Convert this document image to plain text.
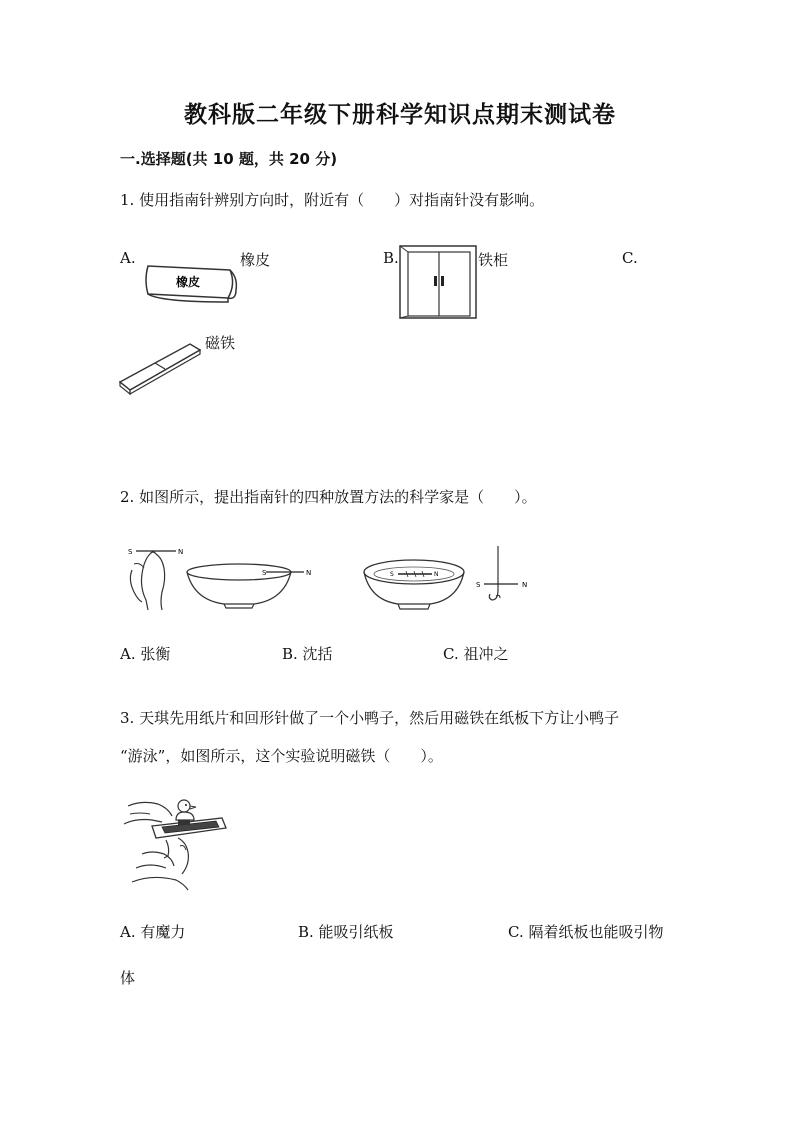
教科版二年级下册科学知识点期末测试卷
一.选择题(共 10 题，共 20 分)
1. 使用指南针辨别方向时，附近有（　　）对指南针没有影响。
A.
橡皮
橡皮	B.	铁柜	C.
磁铁
2. 如图所示，提出指南针的四种放置方法的科学家是（　　）。
S	N
S	N	S	N
S	N
A. 张衡	B. 沈括	C. 祖冲之
3. 天琪先用纸片和回形针做了一个小鸭子，然后用磁铁在纸板下方让小鸭子
“游泳”，如图所示，这个实验说明磁铁（　　）。
A. 有魔力	B. 能吸引纸板	C. 隔着纸板也能吸引物
体
